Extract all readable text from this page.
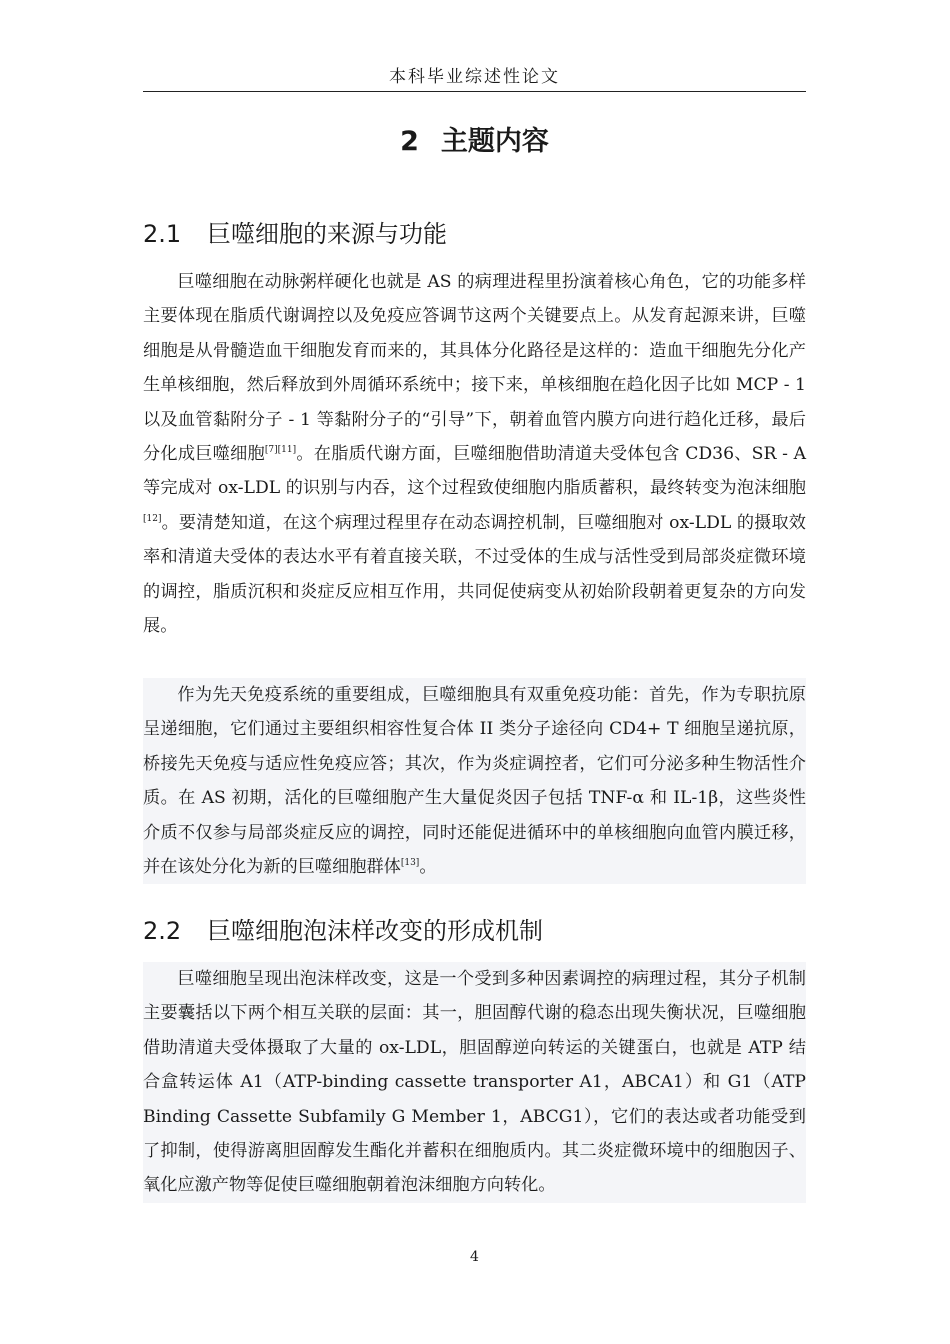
本科毕业综述性论文
2 主题内容
2.1 巨噬细胞的来源与功能

巨噬细胞在动脉粥样硬化也就是 AS 的病理进程里扮演着核心角色，它的功能多样主要体现在脂质代谢调控以及免疫应答调节这两个关键要点上。从发育起源来讲，巨噬细胞是从骨髓造血干细胞发育而来的，其具体分化路径是这样的：造血干细胞先分化产生单核细胞，然后释放到外周循环系统中；接下来，单核细胞在趋化因子比如 MCP - 1 以及血管黏附分子 - 1 等黏附分子的“引导”下，朝着血管内膜方向进行趋化迁移，最后分化成巨噬细胞[7][11]。在脂质代谢方面，巨噬细胞借助清道夫受体包含 CD36、SR - A 等完成对 ox-LDL 的识别与内吞，这个过程致使细胞内脂质蓄积，最终转变为泡沫细胞[12]。要清楚知道，在这个病理过程里存在动态调控机制，巨噬细胞对 ox-LDL 的摄取效率和清道夫受体的表达水平有着直接关联，不过受体的生成与活性受到局部炎症微环境的调控，脂质沉积和炎症反应相互作用，共同促使病变从初始阶段朝着更复杂的方向发展。

作为先天免疫系统的重要组成，巨噬细胞具有双重免疫功能：首先，作为专职抗原呈递细胞，它们通过主要组织相容性复合体 II 类分子途径向 CD4+ T 细胞呈递抗原，桥接先天免疫与适应性免疫应答；其次，作为炎症调控者，它们可分泌多种生物活性介质。在 AS 初期，活化的巨噬细胞产生大量促炎因子包括 TNF-α 和 IL-1β，这些炎性介质不仅参与局部炎症反应的调控，同时还能促进循环中的单核细胞向血管内膜迁移，并在该处分化为新的巨噬细胞群体[13]。

2.2 巨噬细胞泡沫样改变的形成机制

巨噬细胞呈现出泡沫样改变，这是一个受到多种因素调控的病理过程，其分子机制主要囊括以下两个相互关联的层面：其一，胆固醇代谢的稳态出现失衡状况，巨噬细胞借助清道夫受体摄取了大量的 ox-LDL，胆固醇逆向转运的关键蛋白，也就是 ATP 结合盒转运体 A1（ATP-binding cassette transporter A1，ABCA1）和 G1（ATP Binding Cassette Subfamily G Member 1，ABCG1），它们的表达或者功能受到了抑制，使得游离胆固醇发生酯化并蓄积在细胞质内。其二炎症微环境中的细胞因子、氧化应激产物等促使巨噬细胞朝着泡沫细胞方向转化。

4
